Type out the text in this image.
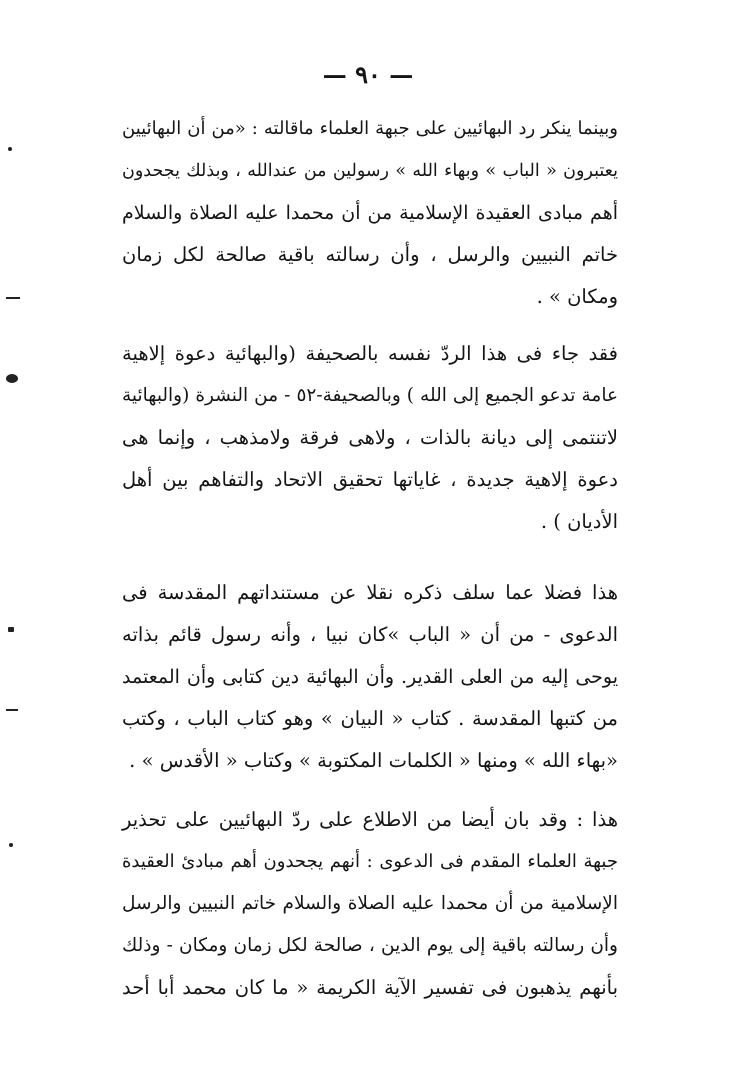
— ٩٠ —
وبينما ينكر رد البهائيين على جبهة العلماء ماقالته : «من أن البهائيين
يعتبرون « الباب » وبهاء الله » رسولين من عندالله ، وبذلك يجحدون
أهم مبادى العقيدة الإسلامية من أن محمدا عليه الصلاة والسلام
خاتم النبيين والرسل ، وأن رسالته باقية صالحة لكل زمان
ومكان » .
فقد جاء فى هذا الردّ نفسه بالصحيفة (والبهائية دعوة إلاهية
عامة تدعو الجميع إلى الله ) وبالصحيفة-٥٢ - من النشرة (والبهائية
لاتنتمى إلى ديانة بالذات ، ولاهى فرقة ولامذهب ، وإنما هى
دعوة إلاهية جديدة ، غاياتها تحقيق الاتحاد والتفاهم بين أهل
الأديان ) .
هذا فضلا عما سلف ذكره نقلا عن مستنداتهم المقدسة فى
الدعوى - من أن « الباب »كان نبيا ، وأنه رسول قائم بذاته
يوحى إليه من العلى القدير. وأن البهائية دين كتابى وأن المعتمد
من كتبها المقدسة . كتاب « البيان » وهو كتاب الباب ، وكتب
«بهاء الله » ومنها « الكلمات المكتوبة » وكتاب « الأقدس » .
هذا : وقد بان أيضا من الاطلاع على ردّ البهائيين على تحذير
جبهة العلماء المقدم فى الدعوى : أنهم يجحدون أهم مبادئ العقيدة
الإسلامية من أن محمدا عليه الصلاة والسلام خاتم النبيين والرسل
وأن رسالته باقية إلى يوم الدين ، صالحة لكل زمان ومكان - وذلك
بأنهم يذهبون فى تفسير الآية الكريمة « ما كان محمد أبا أحد
